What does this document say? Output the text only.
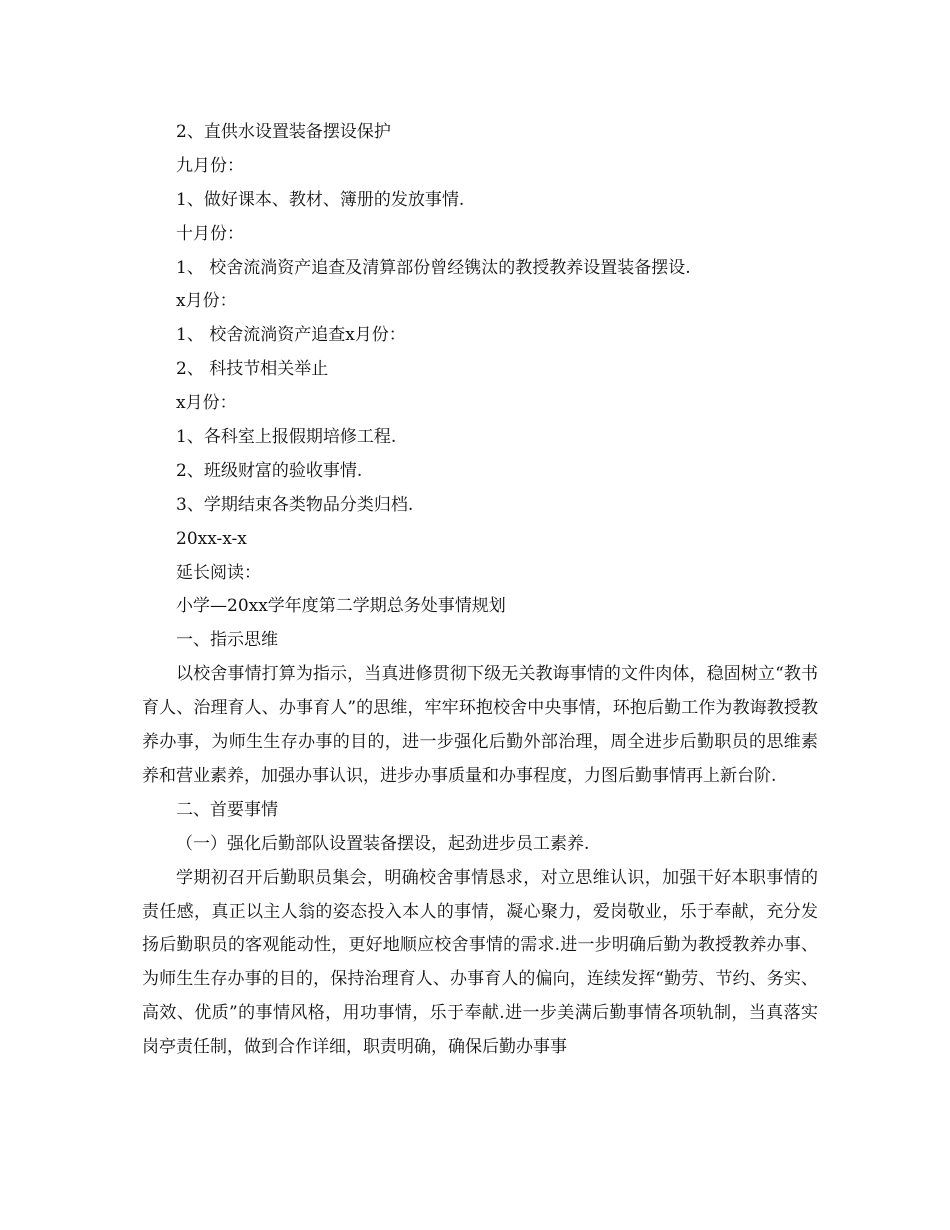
2、直供水设置装备摆设保护
九月份：
1、做好课本、教材、簿册的发放事情.
十月份：
1、 校舍流淌资产追查及清算部份曾经镌汰的教授教养设置装备摆设.
x月份：
1、 校舍流淌资产追查x月份：
2、 科技节相关举止
x月份：
1、各科室上报假期培修工程.
2、班级财富的验收事情.
3、学期结束各类物品分类归档.
20xx-x-x
延长阅读：
小学—20xx学年度第二学期总务处事情规划
一、指示思维

以校舍事情打算为指示，当真进修贯彻下级无关教诲事情的文件肉体，稳固树立“教书育人、治理育人、办事育人”的思维，牢牢环抱校舍中央事情，环抱后勤工作为教诲教授教养办事，为师生生存办事的目的，进一步强化后勤外部治理，周全进步后勤职员的思维素养和营业素养，加强办事认识，进步办事质量和办事程度，力图后勤事情再上新台阶.

二、首要事情
（一）强化后勤部队设置装备摆设，起劲进步员工素养.

学期初召开后勤职员集会，明确校舍事情恳求，对立思维认识，加强干好本职事情的责任感，真正以主人翁的姿态投入本人的事情，凝心聚力，爱岗敬业，乐于奉献，充分发扬后勤职员的客观能动性，更好地顺应校舍事情的需求.进一步明确后勤为教授教养办事、为师生生存办事的目的，保持治理育人、办事育人的偏向，连续发挥“勤劳、节约、务实、高效、优质”的事情风格，用功事情，乐于奉献.进一步美满后勤事情各项轨制，当真落实岗亭责任制，做到合作详细，职责明确，确保后勤办事事
